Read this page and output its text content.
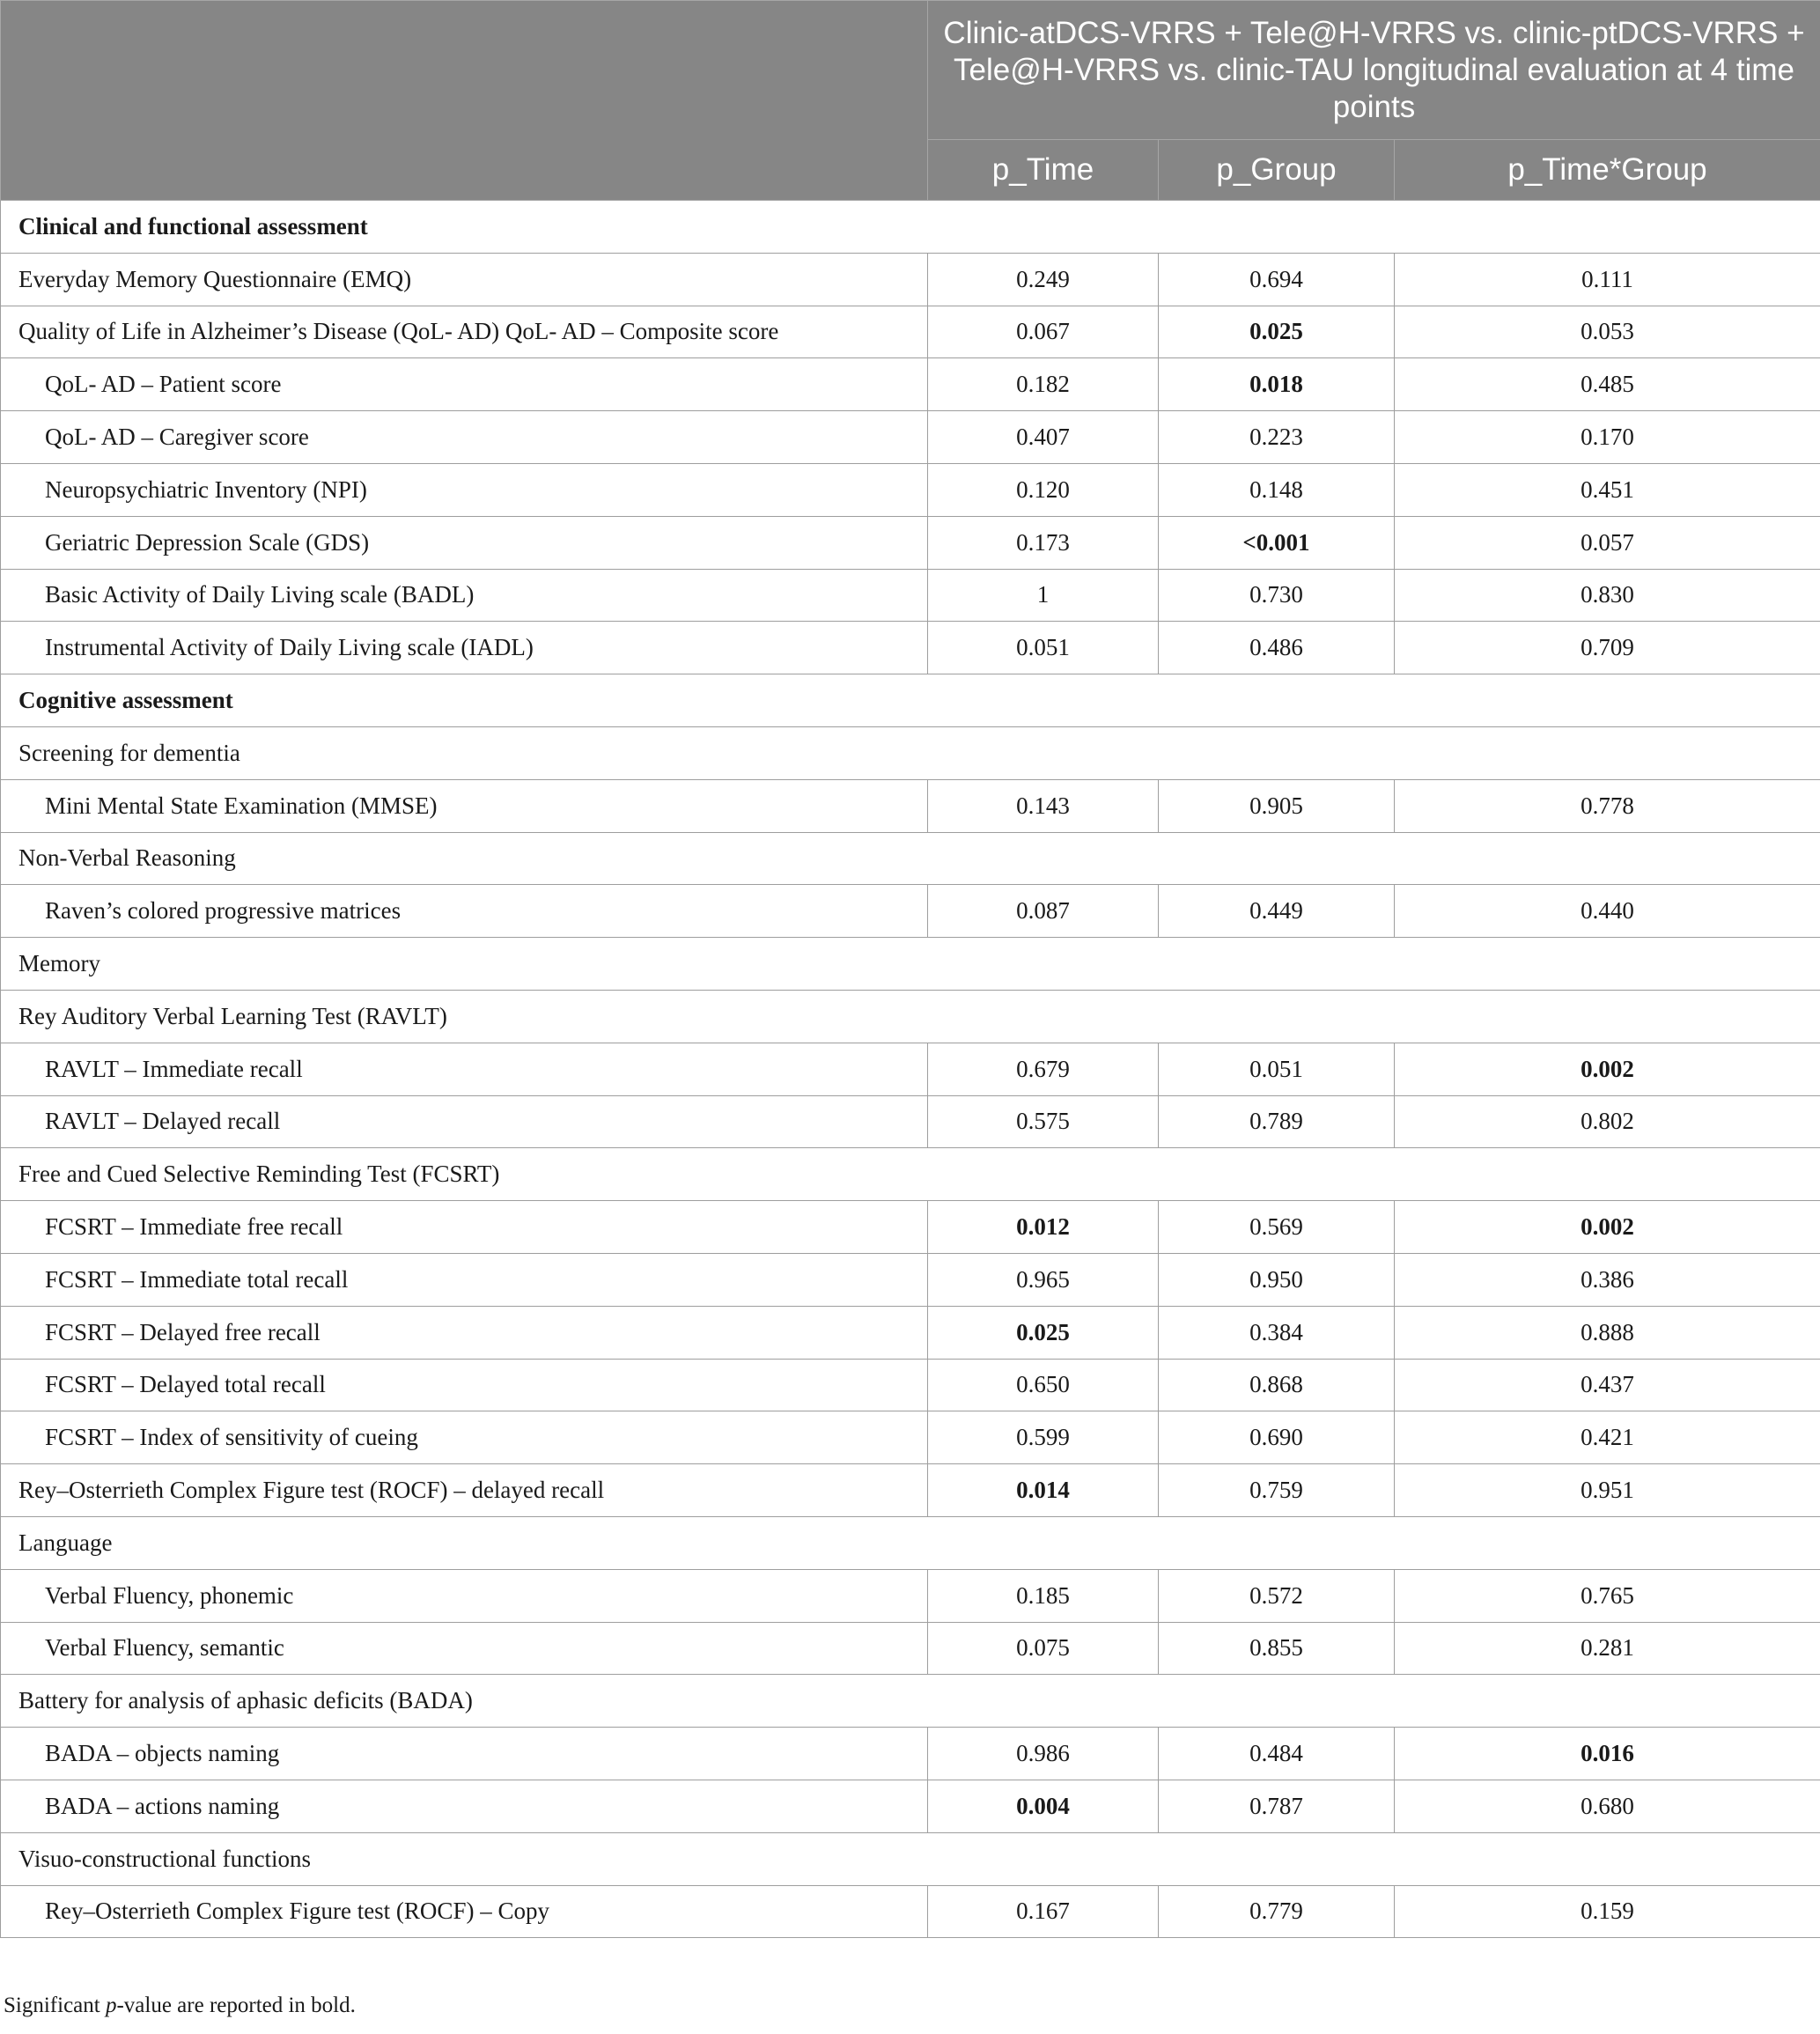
	Clinic-atDCS-VRRS + Tele@H-VRRS vs. clinic-ptDCS-VRRS + Tele@H-VRRS vs. clinic-TAU longitudinal evaluation at 4 time points		
	p_Time	p_Group	p_Time*Group
Clinical and functional assessment			
Everyday Memory Questionnaire (EMQ)	0.249	0.694	0.111
Quality of Life in Alzheimer’s Disease (QoL- AD) QoL- AD – Composite score	0.067	0.025	0.053
QoL- AD – Patient score	0.182	0.018	0.485
QoL- AD – Caregiver score	0.407	0.223	0.170
Neuropsychiatric Inventory (NPI)	0.120	0.148	0.451
Geriatric Depression Scale (GDS)	0.173	<0.001	0.057
Basic Activity of Daily Living scale (BADL)	1	0.730	0.830
Instrumental Activity of Daily Living scale (IADL)	0.051	0.486	0.709
Cognitive assessment			
Screening for dementia			
Mini Mental State Examination (MMSE)	0.143	0.905	0.778
Non-Verbal Reasoning			
Raven’s colored progressive matrices	0.087	0.449	0.440
Memory			
Rey Auditory Verbal Learning Test (RAVLT)			
RAVLT – Immediate recall	0.679	0.051	0.002
RAVLT – Delayed recall	0.575	0.789	0.802
Free and Cued Selective Reminding Test (FCSRT)			
FCSRT – Immediate free recall	0.012	0.569	0.002
FCSRT – Immediate total recall	0.965	0.950	0.386
FCSRT – Delayed free recall	0.025	0.384	0.888
FCSRT – Delayed total recall	0.650	0.868	0.437
FCSRT – Index of sensitivity of cueing	0.599	0.690	0.421
Rey–Osterrieth Complex Figure test (ROCF) – delayed recall	0.014	0.759	0.951
Language			
Verbal Fluency, phonemic	0.185	0.572	0.765
Verbal Fluency, semantic	0.075	0.855	0.281
Battery for analysis of aphasic deficits (BADA)			
BADA – objects naming	0.986	0.484	0.016
BADA – actions naming	0.004	0.787	0.680
Visuo-constructional functions			
Rey–Osterrieth Complex Figure test (ROCF) – Copy	0.167	0.779	0.159
Significant p-value are reported in bold.
